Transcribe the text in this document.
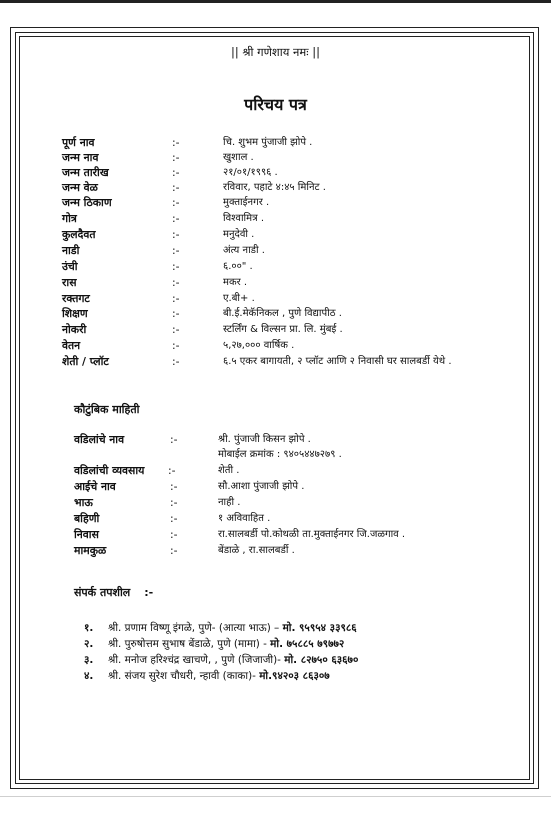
|| श्री गणेशाय नमः ||
परिचय पत्र
पूर्ण नाव	:-	चि. शुभम पुंजाजी झोपे .
जन्म नाव	:-	खुशाल .
जन्म तारीख	:-	२१/०१/१९९६ .
जन्म वेळ	:-	रविवार, पहाटे ४:४५ मिनिट .
जन्म ठिकाण	:-	मुक्ताईनगर .
गोत्र	:-	विश्वामित्र .
कुलदैवत	:-	मनुदेवी .
नाडी	:-	अंत्य नाडी .
उंची	:-	६.००" .
रास	:-	मकर .
रक्तगट	:-	ए.बी+ .
शिक्षण	:-	बी.ई.मेकॅनिकल , पुणे विद्यापीठ .
नोकरी	:-	स्टर्लिंग & विल्सन प्रा. लि. मुंबई .
वेतन	:-	५,२७,००० वार्षिक .
शेती / प्लॉट	:-	६.५ एकर बागायती, २ प्लॉट आणि २ निवासी घर सालबर्डी येथे .
कौटुंबिक माहिती
वडिलांचे नाव	:-	श्री. पुंजाजी किसन झोपे .
मोबाईल क्रमांक : ९४०५४४७२७९ .
वडिलांची व्यवसाय :-	शेती .
आईचे नाव	:-	सौ.आशा पुंजाजी झोपे .
भाऊ	:-	नाही .
बहिणी	:-	१ अविवाहित .
निवास	:-	रा.सालबर्डी पो.कोथळी ता.मुक्ताईनगर जि.जळगाव .
मामकुळ	:-	बेंडाळे , रा.सालबर्डी .
संपर्क तपशील :-
१. श्री. प्रणाम विष्णू इंगळे, पुणे- (आत्या भाऊ) – मो. ९५९५४ ३३९८६
२. श्री. पुरुषोत्तम सुभाष बेंडाळे, पुणे (मामा) - मो. ७५८८५ ७९७७२
३. श्री. मनोज हरिश्चंद्र खाचणे, , पुणे (जिजाजी)- मो. ८२७५० ६३६७०
४. श्री. संजय सुरेश चौधरी, न्हावी (काका)- मो.९४२०३ ८६३०७
